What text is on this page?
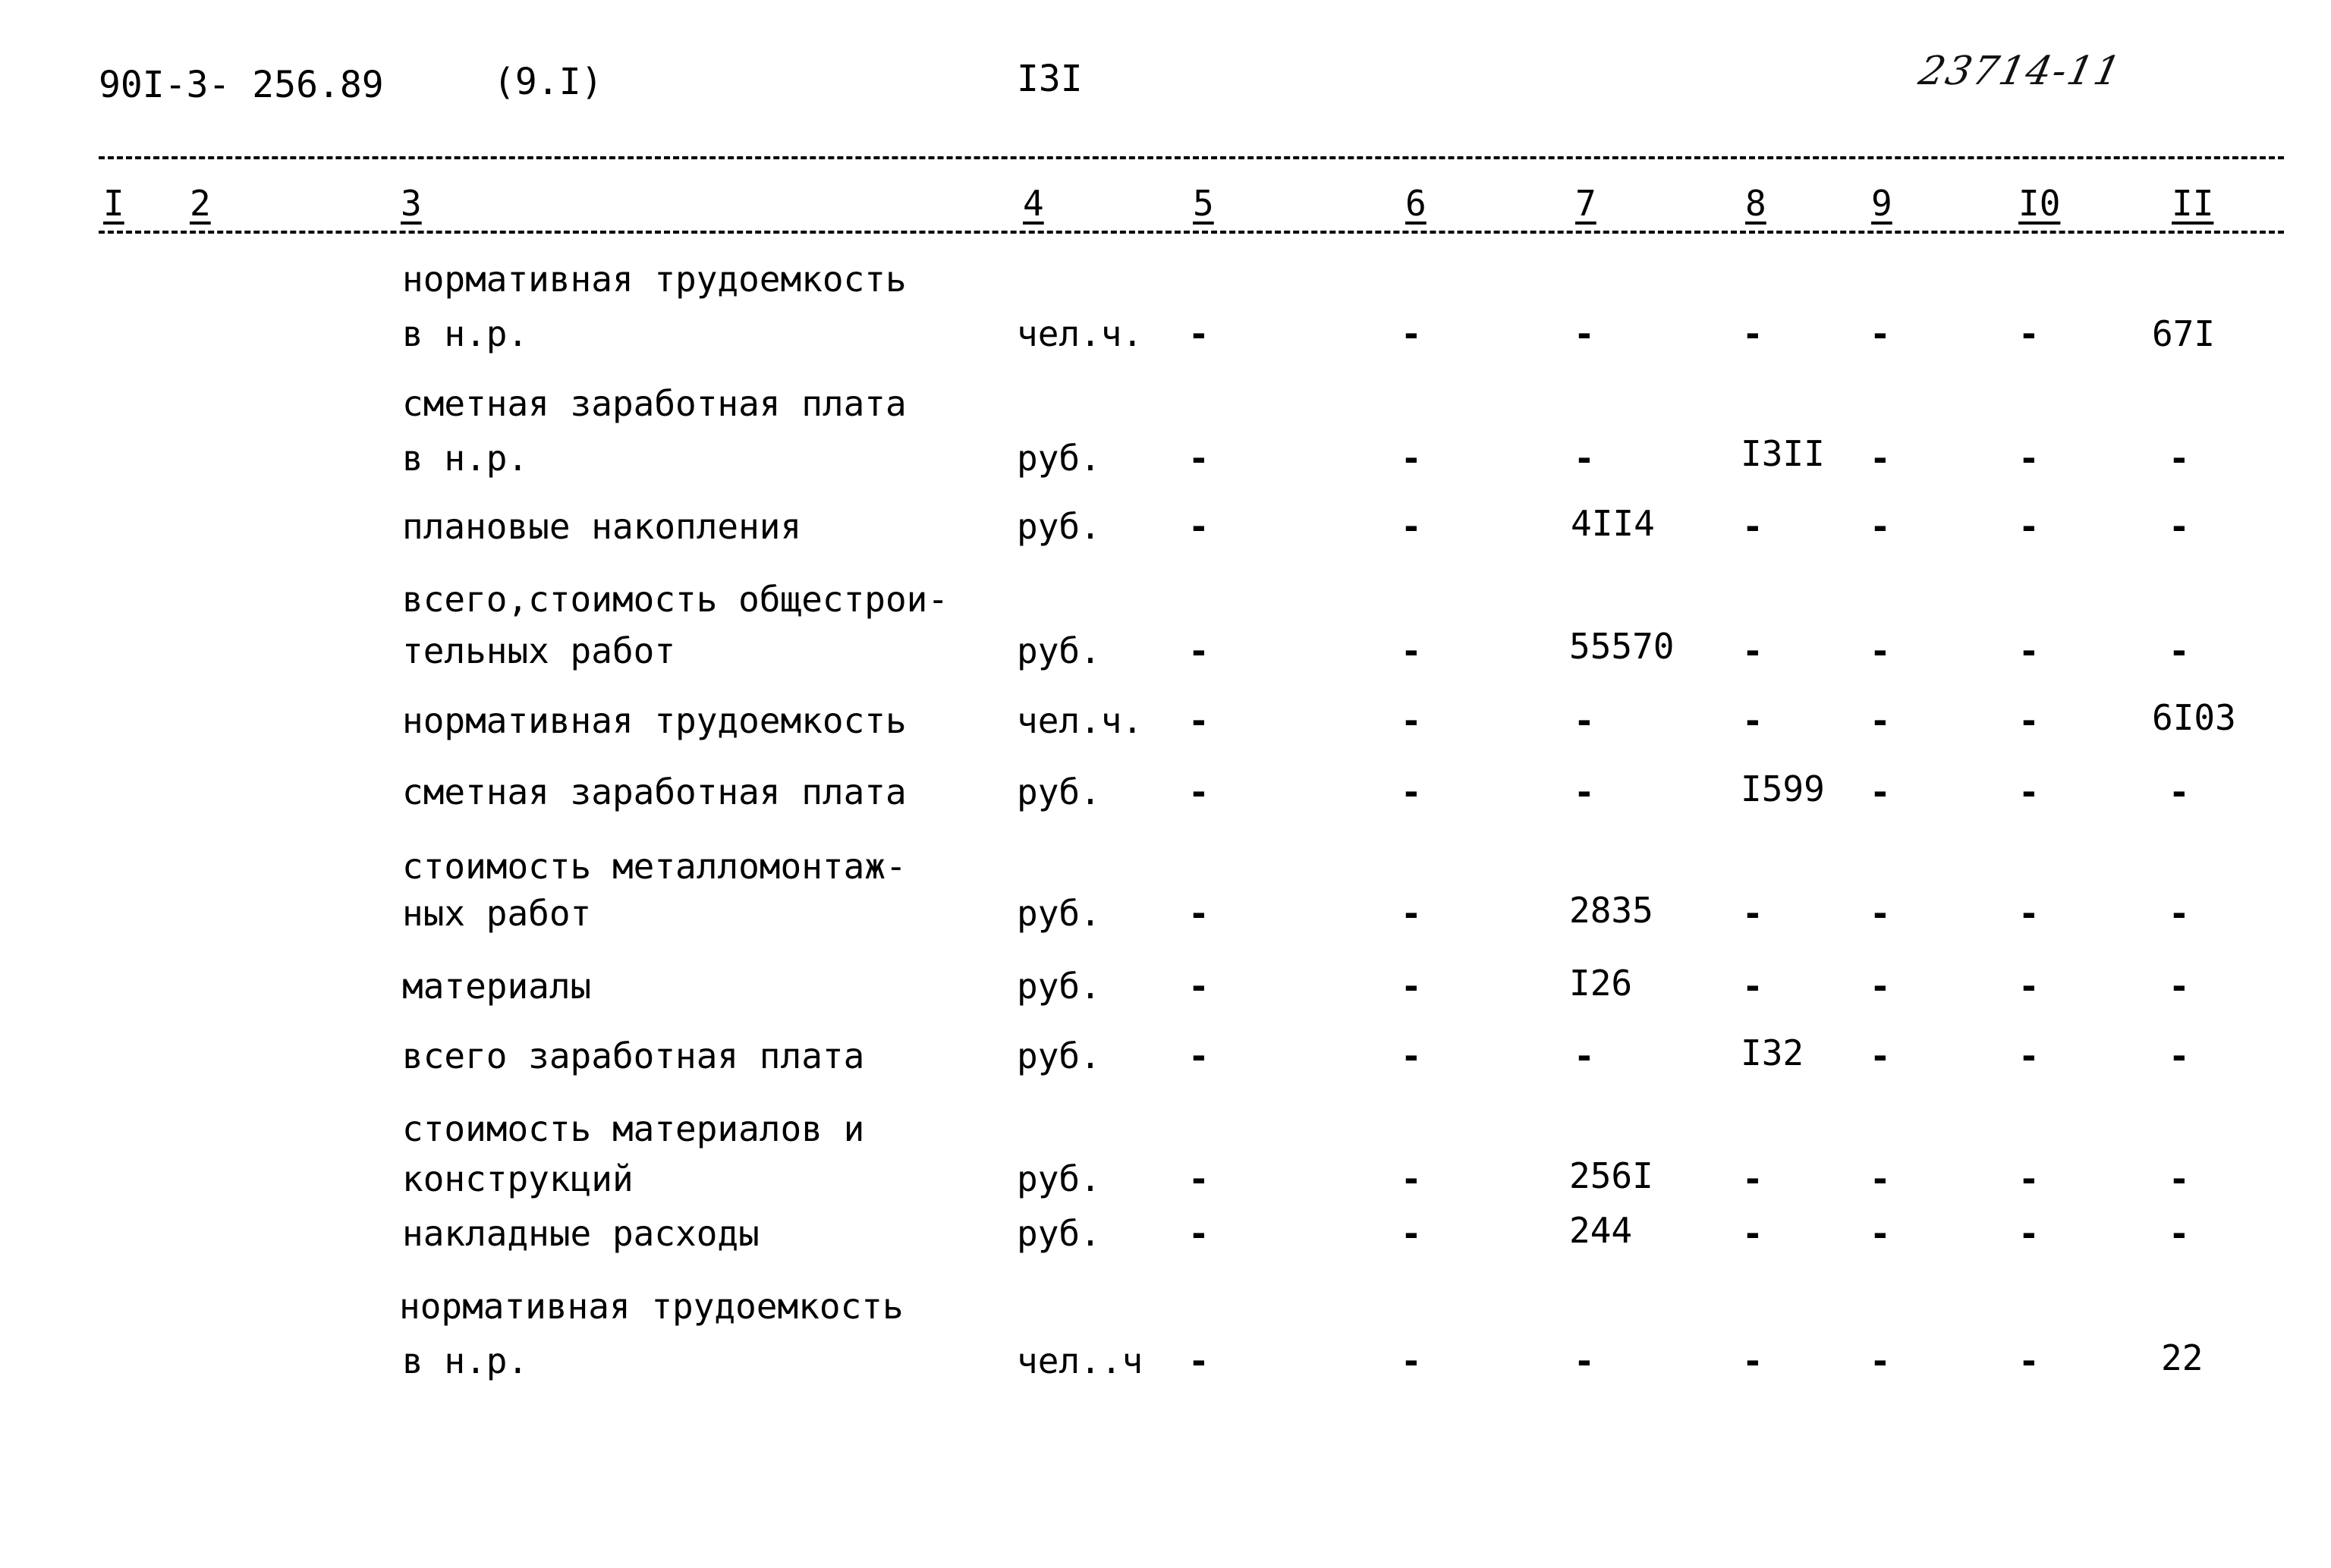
90I-3- 256.89	(9.I)	I3I	23714-11
I 2	3	4	5	6	7	8	9	I0	II
нормативная трудоемкость
в н.р.	чел.ч. -	-	-	-	-	-	67I
сметная заработная плата
в н.р.	руб.	-	-	-	I3II -	-	-
плановые накопления	руб.	-	-	4II4	-	-	-	-
всего,стоимость общестрои-
тельных работ	руб.	-	-	55570 -	-	-	-
нормативная трудоемкость	чел.ч. -	-	-	-	-	-	6I03
сметная заработная плата	руб.	-	-	-	I599 -	-	-
стоимость металломонтаж-
ных работ	руб.	-	-	2835	-	-	-	-
материалы	руб.	-	-	I26	-	-	-	-
всего заработная плата	руб.	-	-	-	I32 -	-	-
стоимость материалов и
конструкций	руб.	-	-	256I	-	-	-	-
накладные расходы	руб.	-	-	244	-	-	-	-
нормативная трудоемкость
в н.р.	чел..ч -	-	-	-	-	-	22
